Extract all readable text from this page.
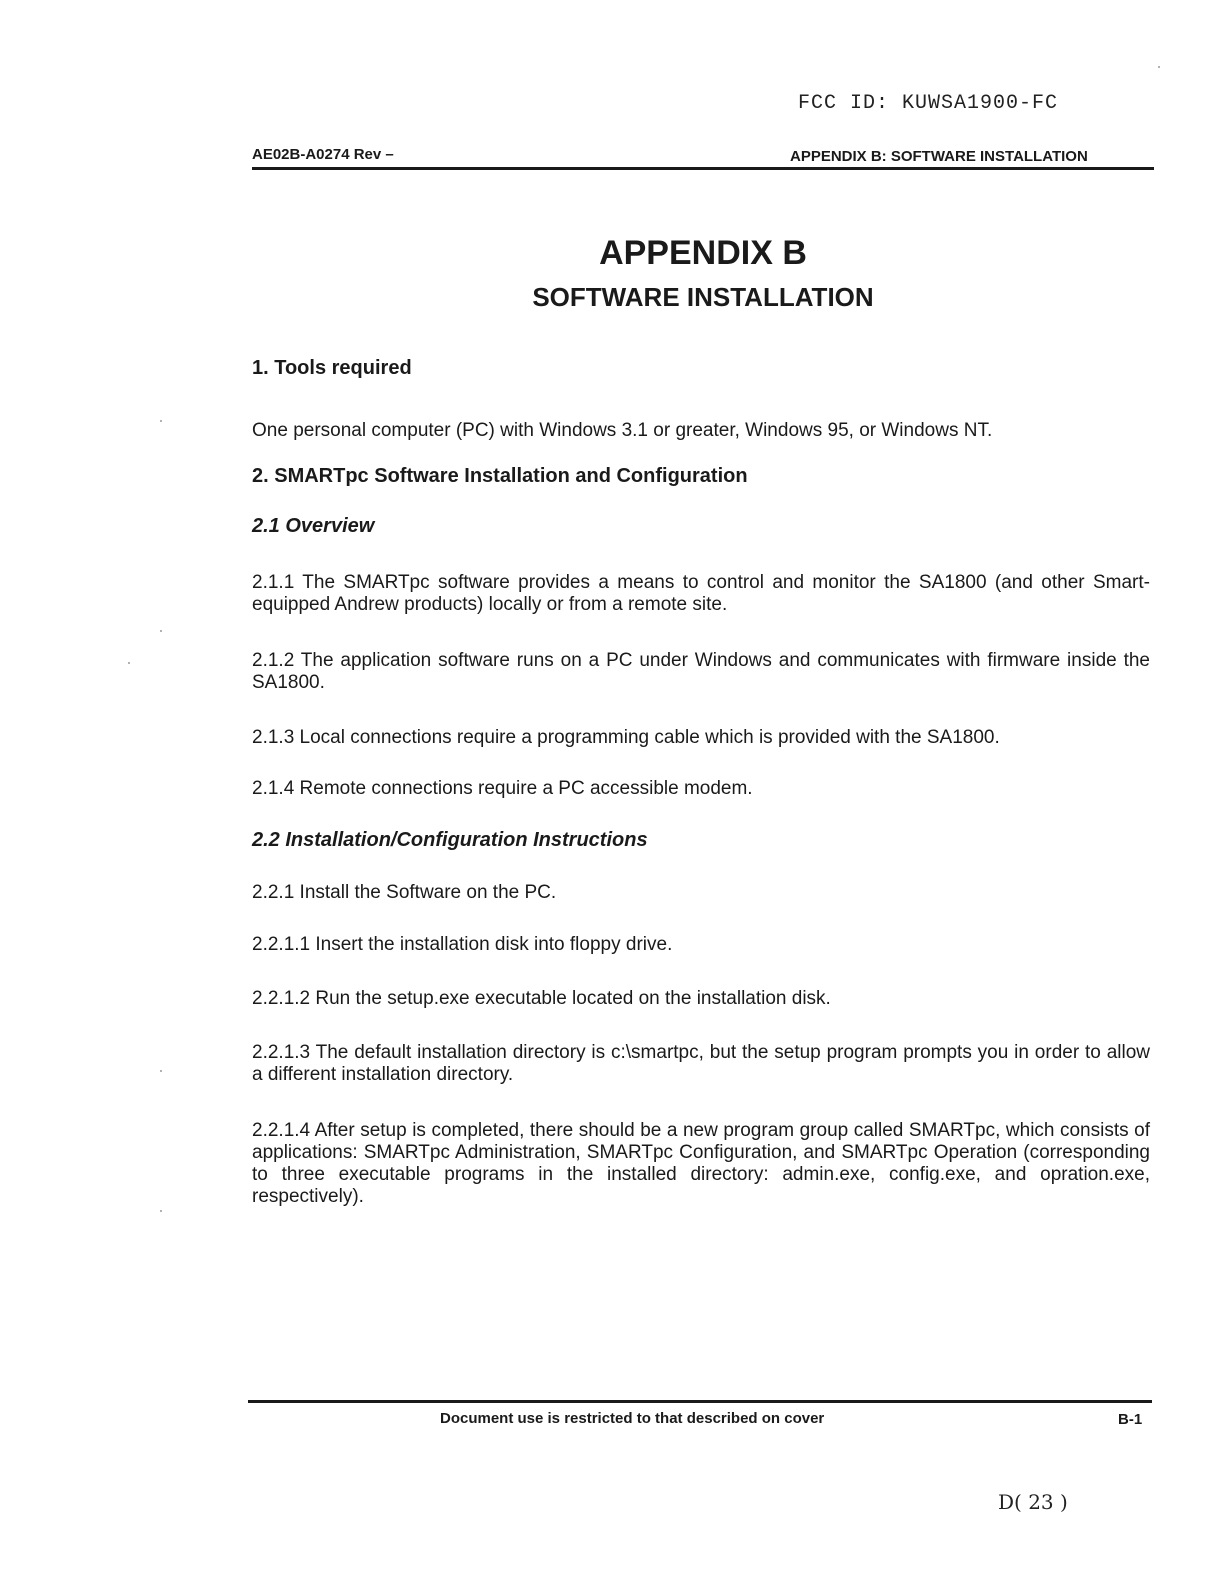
FCC ID: KUWSA1900-FC
AE02B-A0274 Rev –	APPENDIX B: SOFTWARE INSTALLATION
APPENDIX B
SOFTWARE INSTALLATION
1. Tools required
One personal computer (PC) with Windows 3.1 or greater, Windows 95, or Windows NT.
2. SMARTpc Software Installation and Configuration
2.1 Overview
2.1.1 The SMARTpc software provides a means to control and monitor the SA1800 (and other Smart-equipped Andrew products) locally or from a remote site.
2.1.2 The application software runs on a PC under Windows and communicates with firmware inside the SA1800.
2.1.3 Local connections require a programming cable which is provided with the SA1800.
2.1.4 Remote connections require a PC accessible modem.
2.2 Installation/Configuration Instructions
2.2.1 Install the Software on the PC.
2.2.1.1 Insert the installation disk into floppy drive.
2.2.1.2 Run the setup.exe executable located on the installation disk.
2.2.1.3 The default installation directory is c:\smartpc, but the setup program prompts you in order to allow a different installation directory.
2.2.1.4 After setup is completed, there should be a new program group called SMARTpc, which consists of applications: SMARTpc Administration, SMARTpc Configuration, and SMARTpc Operation (corresponding to three executable programs in the installed directory: admin.exe, config.exe, and opration.exe, respectively).
Document use is restricted to that described on cover	B-1
D( 23 )
